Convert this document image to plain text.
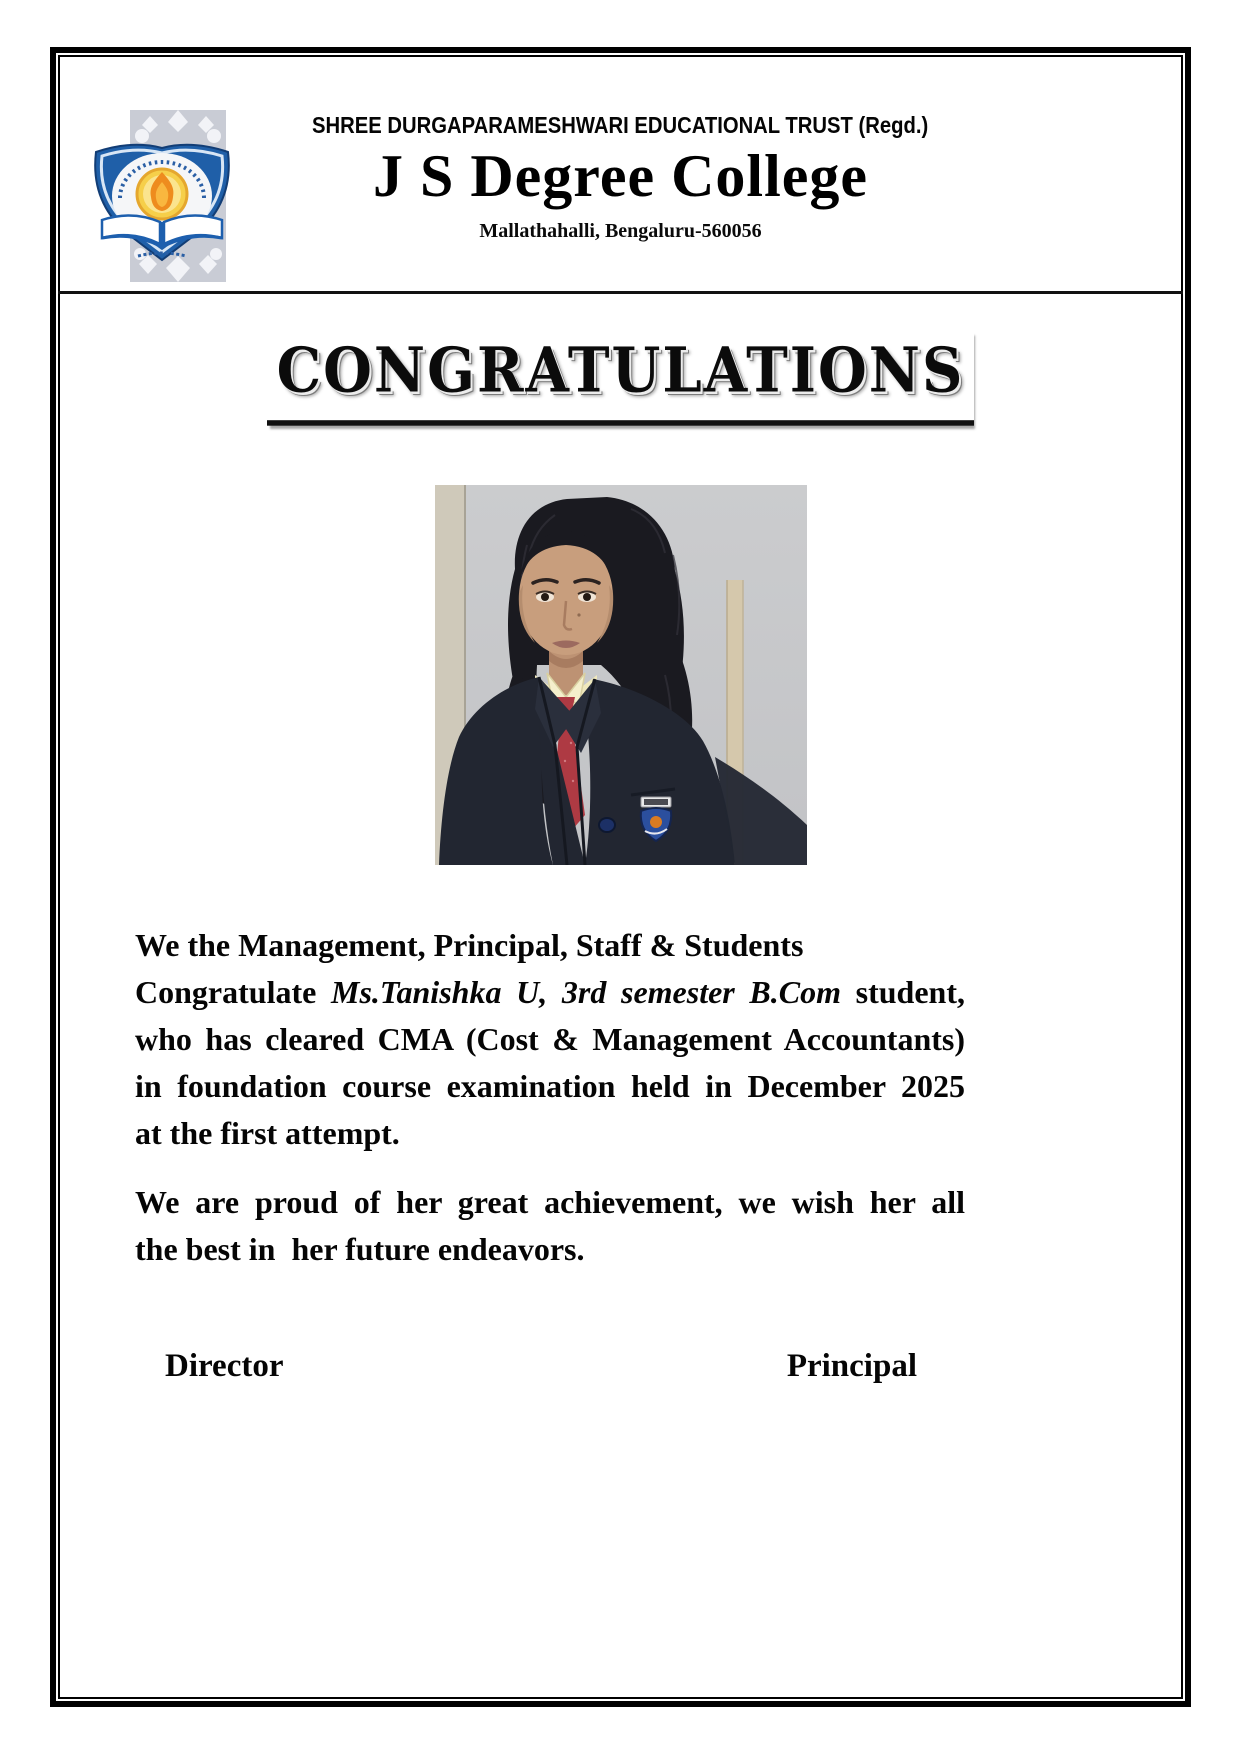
SHREE DURGAPARAMESHWARI EDUCATIONAL TRUST (Regd.)
J S Degree College
Mallathahalli, Bengaluru-560056
CONGRATULATIONS
We the Management, Principal, Staff & Students
Congratulate Ms.Tanishka U, 3rd semester B.Com student,
who has cleared CMA (Cost & Management Accountants)
in foundation course examination held in December 2025
at the first attempt.
We are proud of her great achievement, we wish her all
the best in  her future endeavors.
Director	Principal
